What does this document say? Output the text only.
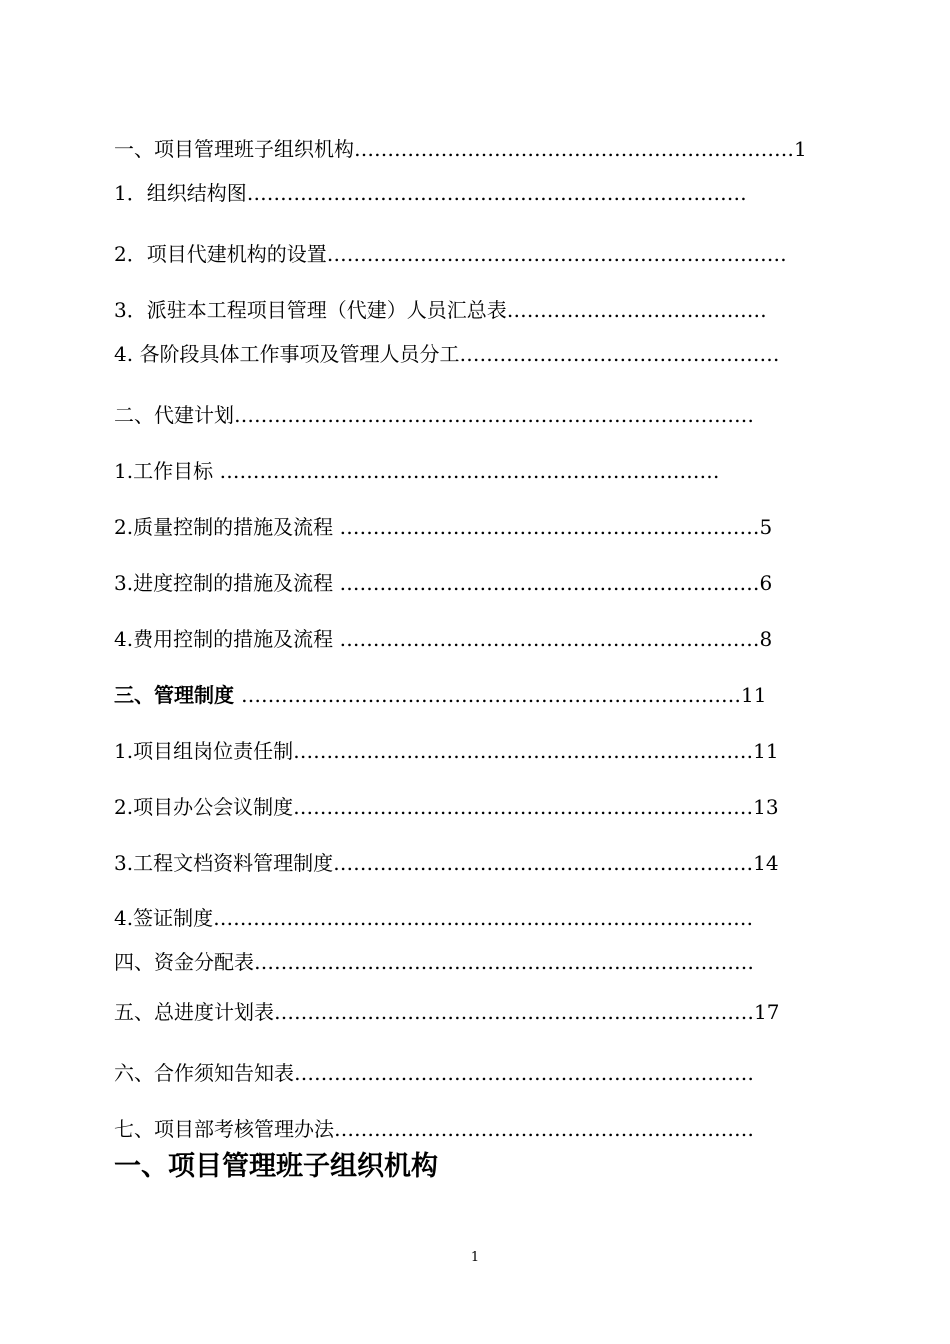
一、项目管理班子组织机构…………………………………………………………1
1．组织结构图…………………………………………………………………
2．项目代建机构的设置……………………………………………………………
3．派驻本工程项目管理（代建）人员汇总表…………………………………
4. 各阶段具体工作事项及管理人员分工…………………………………………
二、代建计划……………………………………………………………………
1.工作目标 …………………………………………………………………
2.质量控制的措施及流程 ………………………………………………………5
3.进度控制的措施及流程 ………………………………………………………6
4.费用控制的措施及流程 ………………………………………………………8
三、管理制度 …………………………………………………………………11
1.项目组岗位责任制……………………………………………………………11
2.项目办公会议制度……………………………………………………………13
3.工程文档资料管理制度………………………………………………………14
4.签证制度………………………………………………………………………
四、资金分配表…………………………………………………………………
五、总进度计划表………………………………………………………………17
六、合作须知告知表……………………………………………………………
七、项目部考核管理办法………………………………………………………
一、项目管理班子组织机构
1
